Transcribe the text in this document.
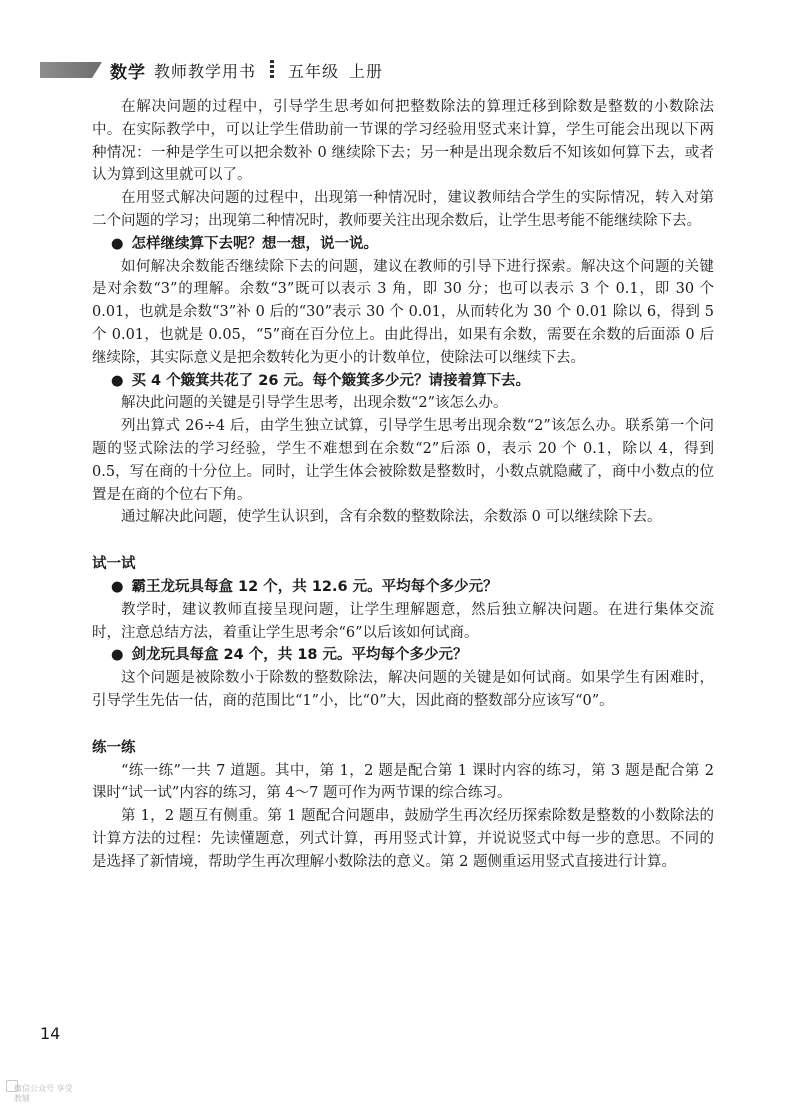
数学 教师教学用书 五年级 上册

在解决问题的过程中，引导学生思考如何把整数除法的算理迁移到除数是整数的小数除法中。在实际教学中，可以让学生借助前一节课的学习经验用竖式来计算，学生可能会出现以下两种情况：一种是学生可以把余数补 0 继续除下去；另一种是出现余数后不知该如何算下去，或者认为算到这里就可以了。

在用竖式解决问题的过程中，出现第一种情况时，建议教师结合学生的实际情况，转入对第二个问题的学习；出现第二种情况时，教师要关注出现余数后，让学生思考能不能继续除下去。

● 怎样继续算下去呢？想一想，说一说。

如何解决余数能否继续除下去的问题，建议在教师的引导下进行探索。解决这个问题的关键是对余数“3”的理解。余数“3”既可以表示 3 角，即 30 分；也可以表示 3 个 0.1，即 30 个 0.01，也就是余数“3”补 0 后的“30”表示 30 个 0.01，从而转化为 30 个 0.01 除以 6，得到 5 个 0.01，也就是 0.05，“5”商在百分位上。由此得出，如果有余数，需要在余数的后面添 0 后继续除，其实际意义是把余数转化为更小的计数单位，使除法可以继续下去。

● 买 4 个簸箕共花了 26 元。每个簸箕多少元？请接着算下去。

解决此问题的关键是引导学生思考，出现余数“2”该怎么办。

列出算式 26÷4 后，由学生独立试算，引导学生思考出现余数“2”该怎么办。联系第一个问题的竖式除法的学习经验，学生不难想到在余数“2”后添 0，表示 20 个 0.1，除以 4，得到 0.5，写在商的十分位上。同时，让学生体会被除数是整数时，小数点就隐藏了，商中小数点的位置是在商的个位右下角。

通过解决此问题，使学生认识到，含有余数的整数除法，余数添 0 可以继续除下去。

试一试

● 霸王龙玩具每盒 12 个，共 12.6 元。平均每个多少元？

教学时，建议教师直接呈现问题，让学生理解题意，然后独立解决问题。在进行集体交流时，注意总结方法，着重让学生思考余“6”以后该如何试商。

● 剑龙玩具每盒 24 个，共 18 元。平均每个多少元？

这个问题是被除数小于除数的整数除法，解决问题的关键是如何试商。如果学生有困难时，引导学生先估一估，商的范围比“1”小，比“0”大，因此商的整数部分应该写“0”。

练一练

“练一练”一共 7 道题。其中，第 1，2 题是配合第 1 课时内容的练习，第 3 题是配合第 2 课时“试一试”内容的练习，第 4～7 题可作为两节课的综合练习。

第 1，2 题互有侧重。第 1 题配合问题串，鼓励学生再次经历探索除数是整数的小数除法的计算方法的过程：先读懂题意，列式计算，再用竖式计算，并说说竖式中每一步的意思。不同的是选择了新情境，帮助学生再次理解小数除法的意义。第 2 题侧重运用竖式直接进行计算。

14
微信公众号 享受教辅
